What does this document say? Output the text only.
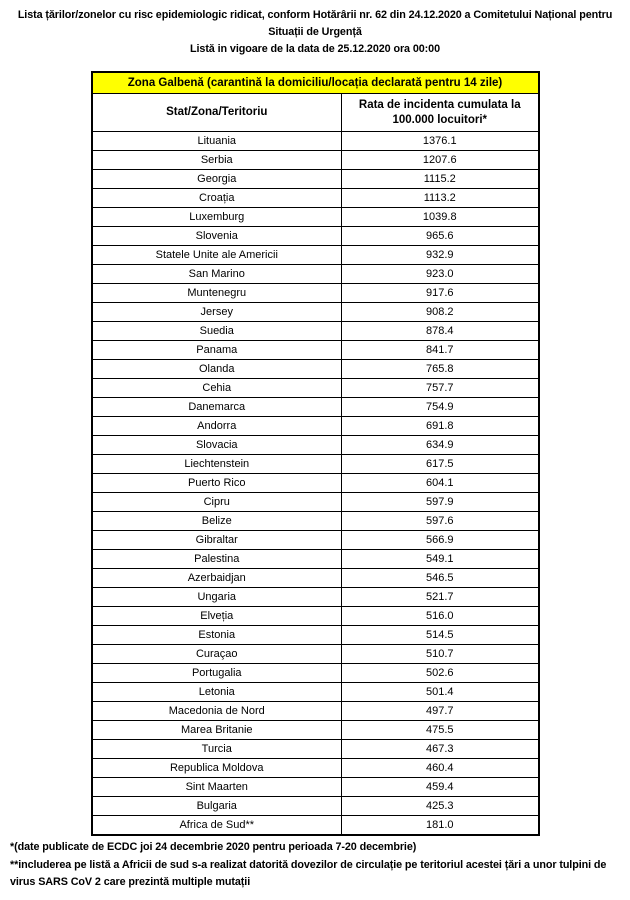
Lista țărilor/zonelor cu risc epidemiologic ridicat, conform Hotărârii nr. 62 din 24.12.2020 a Comitetului Național pentru Situații de Urgență
Listă in vigoare de la data de 25.12.2020 ora 00:00
Zona Galbenă (carantină la domiciliu/locația declarată pentru 14 zile)	
Stat/Zona/Teritoriu	Rata de incidenta cumulata la 100.000 locuitori*
Lituania	1376.1
Serbia	1207.6
Georgia	1115.2
Croația	1113.2
Luxemburg	1039.8
Slovenia	965.6
Statele Unite ale Americii	932.9
San Marino	923.0
Muntenegru	917.6
Jersey	908.2
Suedia	878.4
Panama	841.7
Olanda	765.8
Cehia	757.7
Danemarca	754.9
Andorra	691.8
Slovacia	634.9
Liechtenstein	617.5
Puerto Rico	604.1
Cipru	597.9
Belize	597.6
Gibraltar	566.9
Palestina	549.1
Azerbaidjan	546.5
Ungaria	521.7
Elveția	516.0
Estonia	514.5
Curaçao	510.7
Portugalia	502.6
Letonia	501.4
Macedonia de Nord	497.7
Marea Britanie	475.5
Turcia	467.3
Republica Moldova	460.4
Sint Maarten	459.4
Bulgaria	425.3
Africa de Sud**	181.0
*(date publicate de ECDC joi 24 decembrie 2020 pentru perioada 7-20 decembrie)
**includerea pe listă a Africii de sud s-a realizat datorită dovezilor de circulație pe teritoriul acestei țări a unor tulpini de virus SARS CoV 2 care prezintă multiple mutații
